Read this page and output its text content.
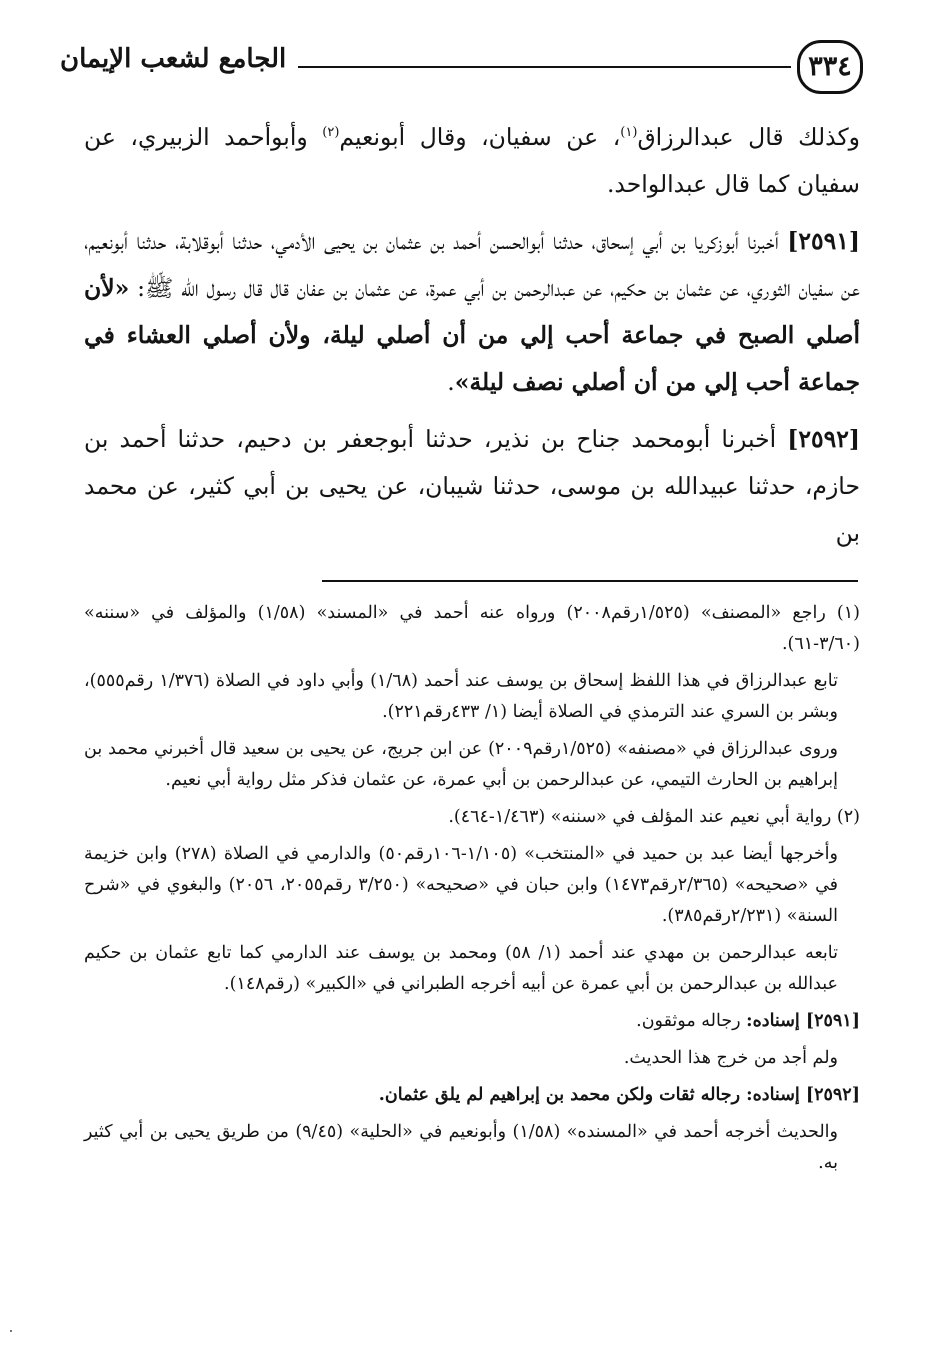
٣٣٤
الجامع لشعب الإيمان

وكذلك قال عبدالرزاق$^{(١)}$، عن سفيان، وقال أبونعيم$^{(٢)}$ وأبوأحمد الزبيري، عن سفيان كما قال عبدالواحد.

[٢٥٩١] أخبرنا أبوزكريا بن أبي إسحاق، حدثنا أبوالحسن أحمد بن عثمان بن يحيى الأدمي، حدثنا أبوقلابة، حدثنا أبونعيم، عن سفيان الثوري، عن عثمان بن حكيم، عن عبدالرحمن بن أبي عمرة، عن عثمان بن عفان قال قال رسول الله ﷺ: «لأن أصلي الصبح في جماعة أحب إلي من أن أصلي ليلة، ولأن أصلي العشاء في جماعة أحب إلي من أن أصلي نصف ليلة».

[٢٥٩٢] أخبرنا أبومحمد جناح بن نذير، حدثنا أبوجعفر بن دحيم، حدثنا أحمد بن حازم، حدثنا عبيدالله بن موسى، حدثنا شيبان، عن يحيى بن أبي كثير، عن محمد بن

(١) راجع «المصنف» (١/٥٢٥رقم٢٠٠٨) ورواه عنه أحمد في «المسند» (١/٥٨) والمؤلف في «سننه» (٣/٦٠-٦١).

تابع عبدالرزاق في هذا اللفظ إسحاق بن يوسف عند أحمد (١/٦٨) وأبي داود في الصلاة (١/٣٧٦ رقم٥٥٥)، وبشر بن السري عند الترمذي في الصلاة أيضا (١/ ٤٣٣رقم٢٢١).

وروى عبدالرزاق في «مصنفه» (١/٥٢٥رقم٢٠٠٩) عن ابن جريج، عن يحيى بن سعيد قال أخبرني محمد بن إبراهيم بن الحارث التيمي، عن عبدالرحمن بن أبي عمرة، عن عثمان فذكر مثل رواية أبي نعيم.

(٢) رواية أبي نعيم عند المؤلف في «سننه» (١/٤٦٣-٤٦٤).

وأخرجها أيضا عبد بن حميد في «المنتخب» (١/١٠٥-١٠٦رقم٥٠) والدارمي في الصلاة (٢٧٨) وابن خزيمة في «صحيحه» (٢/٣٦٥رقم١٤٧٣) وابن حبان في «صحيحه» (٣/٢٥٠ رقم٢٠٥٥، ٢٠٥٦) والبغوي في «شرح السنة» (٢/٢٣١رقم٣٨٥).

تابعه عبدالرحمن بن مهدي عند أحمد (١/ ٥٨) ومحمد بن يوسف عند الدارمي كما تابع عثمان بن حكيم عبدالله بن عبدالرحمن بن أبي عمرة عن أبيه أخرجه الطبراني في «الكبير» (رقم١٤٨).

[٢٥٩١] إسناده: رجاله موثقون.

ولم أجد من خرج هذا الحديث.

[٢٥٩٢] إسناده: رجاله ثقات ولكن محمد بن إبراهيم لم يلق عثمان.

والحديث أخرجه أحمد في «المسنده» (١/٥٨) وأبونعيم في «الحلية» (٩/٤٥) من طريق يحيى بن أبي كثير به.
